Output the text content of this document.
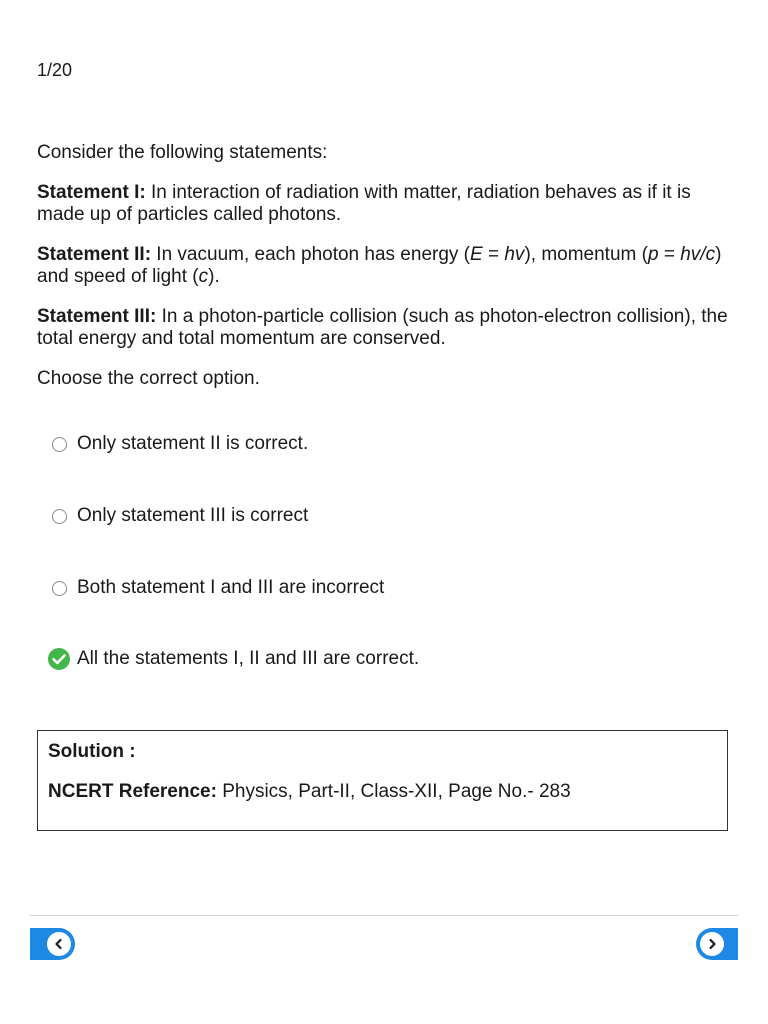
1/20
Consider the following statements:
Statement I: In interaction of radiation with matter, radiation behaves as if it is made up of particles called photons.
Statement II: In vacuum, each photon has energy (E = hv), momentum (p = hv/c) and speed of light (c).
Statement III: In a photon-particle collision (such as photon-electron collision), the total energy and total momentum are conserved.
Choose the correct option.
Only statement II is correct.
Only statement III is correct
Both statement I and III are incorrect
All the statements I, II and III are correct.
Solution :
NCERT Reference: Physics, Part-II, Class-XII, Page No.- 283
